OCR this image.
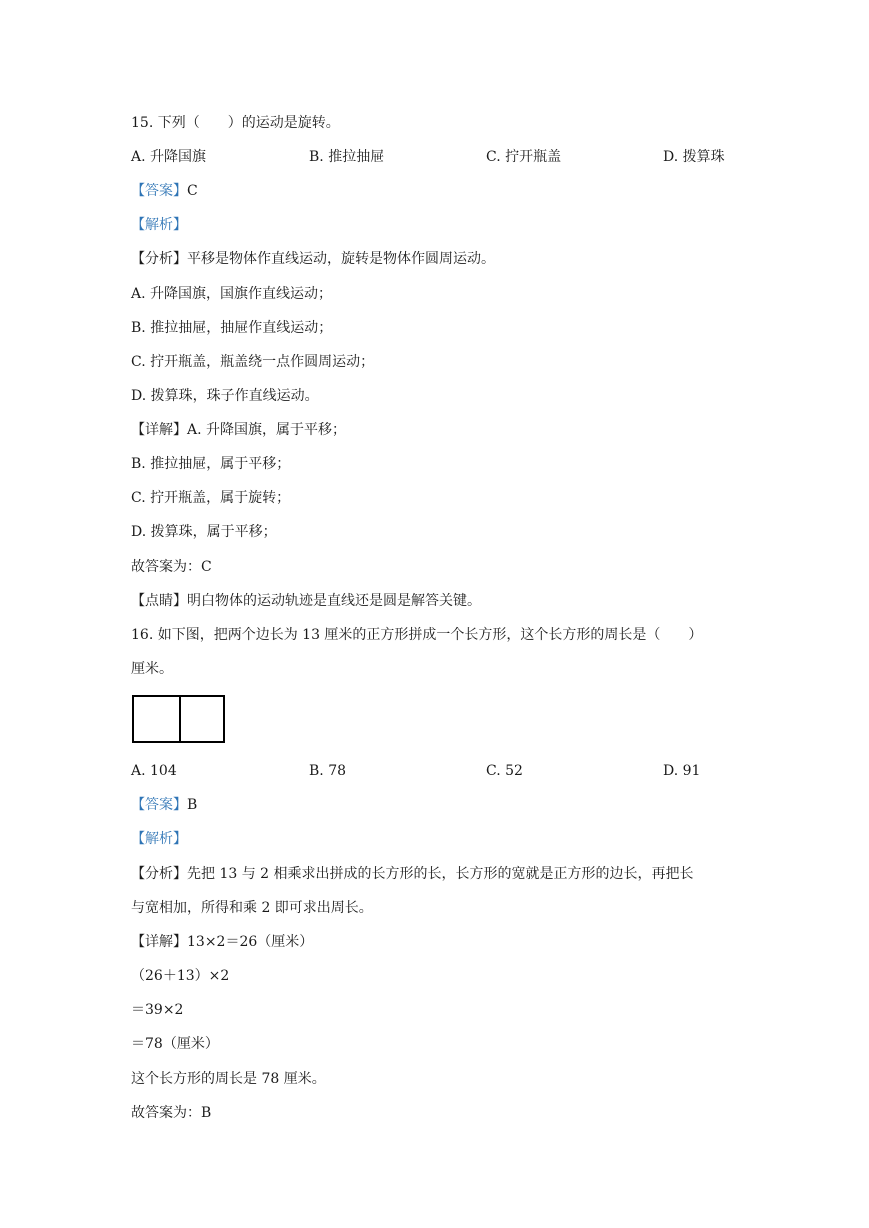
15. 下列（　　）的运动是旋转。
A. 升降国旗	B. 推拉抽屉	C. 拧开瓶盖	D. 拨算珠
【答案】C
【解析】
【分析】平移是物体作直线运动，旋转是物体作圆周运动。
A. 升降国旗，国旗作直线运动；
B. 推拉抽屉，抽屉作直线运动；
C. 拧开瓶盖，瓶盖绕一点作圆周运动；
D. 拨算珠，珠子作直线运动。
【详解】A. 升降国旗，属于平移；
B. 推拉抽屉，属于平移；
C. 拧开瓶盖，属于旋转；
D. 拨算珠，属于平移；
故答案为：C
【点睛】明白物体的运动轨迹是直线还是圆是解答关键。
16. 如下图，把两个边长为 13 厘米的正方形拼成一个长方形，这个长方形的周长是（　　）
厘米。
A. 104	B. 78	C. 52	D. 91
【答案】B
【解析】
【分析】先把 13 与 2 相乘求出拼成的长方形的长，长方形的宽就是正方形的边长，再把长
与宽相加，所得和乘 2 即可求出周长。
【详解】13×2＝26（厘米）
（26＋13）×2
＝39×2
＝78（厘米）
这个长方形的周长是 78 厘米。
故答案为：B
